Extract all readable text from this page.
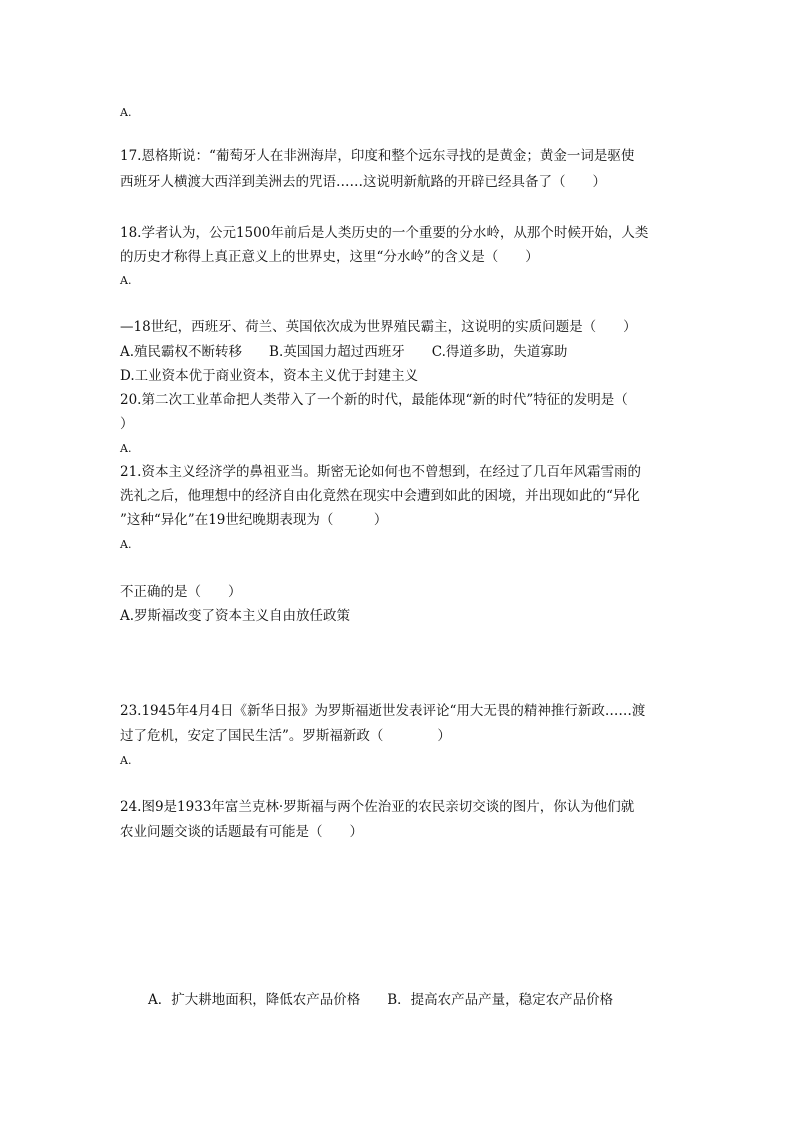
A.
17.恩格斯说：“葡萄牙人在非洲海岸，印度和整个远东寻找的是黄金；黄金一词是驱使
西班牙人横渡大西洋到美洲去的咒语……这说明新航路的开辟已经具备了（　　）
18.学者认为，公元1500年前后是人类历史的一个重要的分水岭，从那个时候开始，人类
的历史才称得上真正意义上的世界史，这里“分水岭”的含义是（　　）
A.
—18世纪，西班牙、荷兰、英国依次成为世界殖民霸主，这说明的实质问题是（　　）
A.殖民霸权不断转移　　B.英国国力超过西班牙　　C.得道多助，失道寡助
D.工业资本优于商业资本，资本主义优于封建主义
20.第二次工业革命把人类带入了一个新的时代，最能体现“新的时代”特征的发明是（
）
A.
21.资本主义经济学的鼻祖亚当。斯密无论如何也不曾想到，在经过了几百年风霜雪雨的
洗礼之后，他理想中的经济自由化竟然在现实中会遭到如此的困境，并出现如此的“异化
”这种“异化”在19世纪晚期表现为（　　　）
A.
不正确的是（　　）
A.罗斯福改变了资本主义自由放任政策
23.1945年4月4日《新华日报》为罗斯福逝世发表评论“用大无畏的精神推行新政……渡
过了危机，安定了国民生活”。罗斯福新政（　　　　）
A.
24.图9是1933年富兰克林·罗斯福与两个佐治亚的农民亲切交谈的图片，你认为他们就
农业问题交谈的话题最有可能是（　　）
A．扩大耕地面积，降低农产品价格　　B．提高农产品产量，稳定农产品价格
